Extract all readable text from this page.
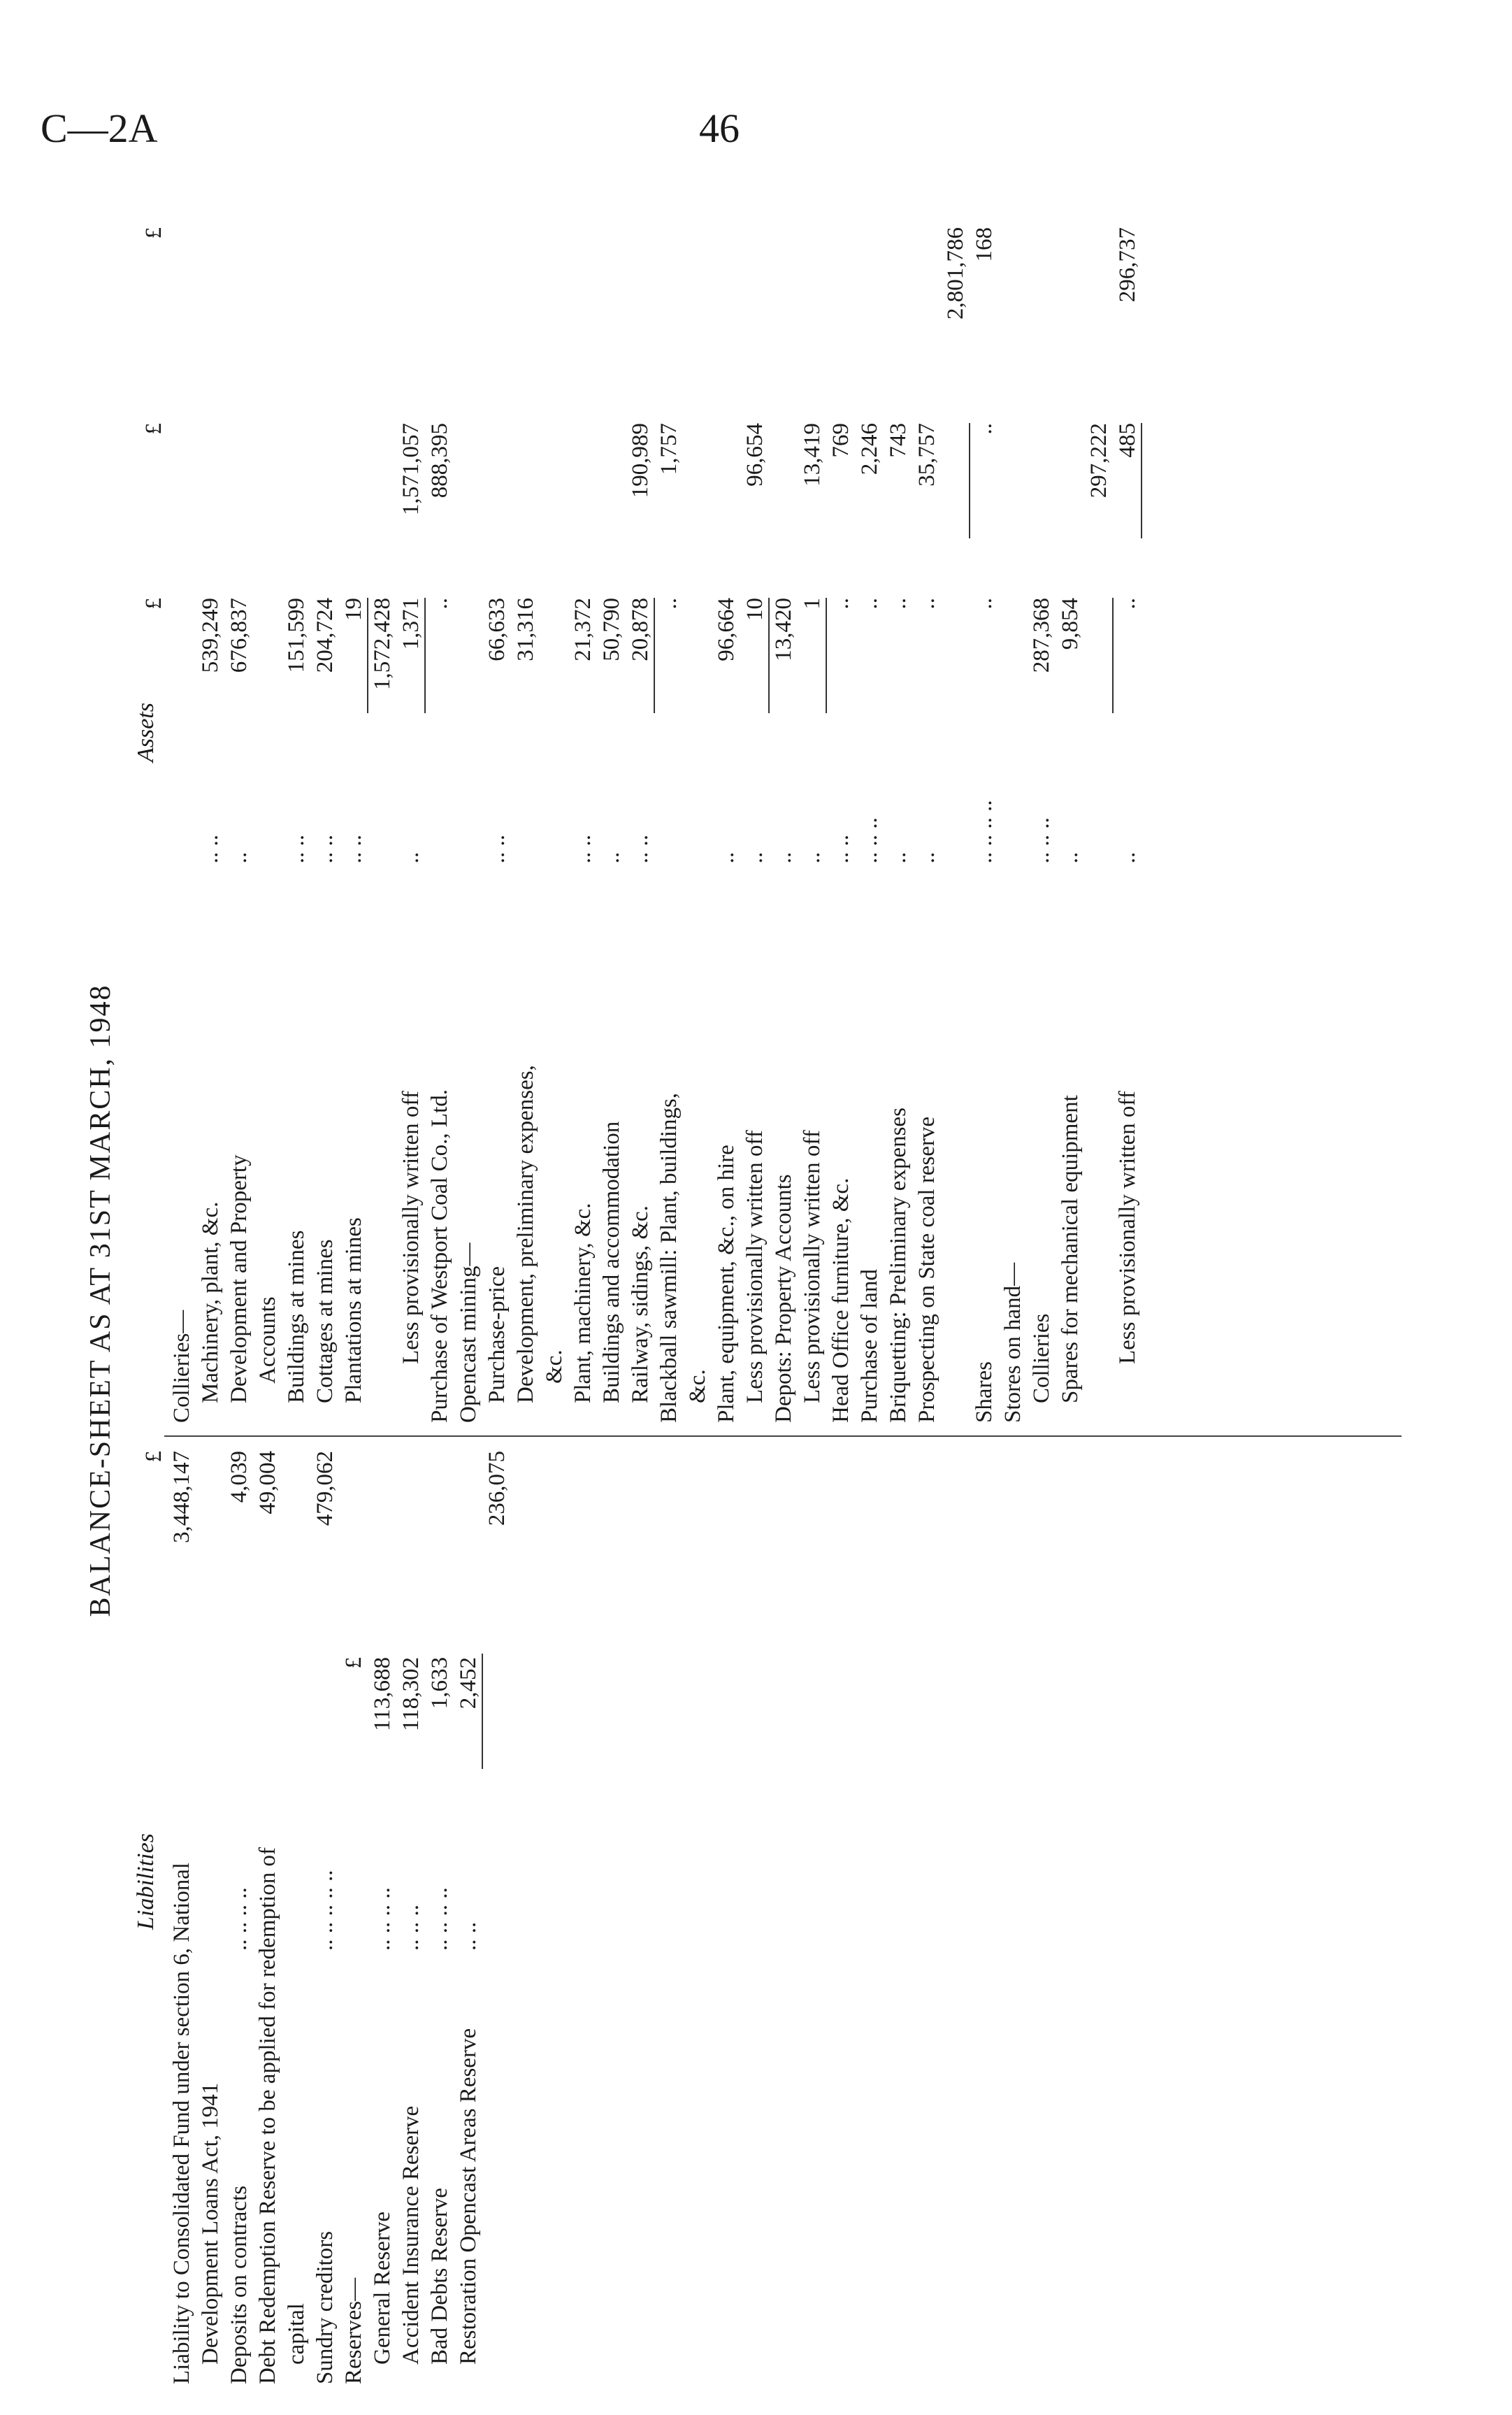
C—2A	46
BALANCE-SHEET AS AT 31ST MARCH, 1948
Liabilities
Assets
£
Liability to Consolidated Fund under section 6, National
3,448,147
Development Loans Act, 1941 Deposits on contracts
.. .. .. ..
4,039
Debt Redemption Reserve to be applied for redemption of
49,004
capital Sundry creditors
.. .. .. .. ..
479,062
Reserves—
£
General Reserve
.. .. .. ..
113,688
Accident Insurance Reserve
.. .. ..
118,302
Bad Debts Reserve
.. .. .. ..
1,633
Restoration Opencast Areas Reserve
.. ..
2,452
236,075
£
£
£
Collieries— Machinery, plant, &c.
.. ..
539,249
Development and Property
..
676,837
Accounts Buildings at mines
.. ..
151,599
Cottages at mines
.. ..
204,724
Plantations at mines
.. ..
19 1,572,428
Less provisionally written off
..
1,371
1,571,057
Purchase of Westport Coal Co., Ltd.
..
888,395
Opencast mining— Purchase-price
.. ..
66,633
Development, preliminary expenses,
31,316
&c. Plant, machinery, &c.
.. ..
21,372
Buildings and accommodation
..
50,790
Railway, sidings, &c.
.. ..
20,878
190,989
Blackball sawmill: Plant, buildings,
..
1,757
&c. Plant, equipment, &c., on hire
..
96,664
Less provisionally written off
..
10
96,654
Depots: Property Accounts
..
13,420
Less provisionally written off
..
1
13,419
Head Office furniture, &c.
.. ..
..
769
Purchase of land
.. .. ..
..
2,246
Briquetting: Preliminary expenses
..
..
743
Prospecting on State coal reserve
..
..
35,757
2,801,786
Shares
.. .. .. ..
..
..
168
Stores on hand— Collieries
.. .. ..
287,368
Spares for mechanical equipment
..
9,854
297,222
Less provisionally written off
..
..
485
296,737
